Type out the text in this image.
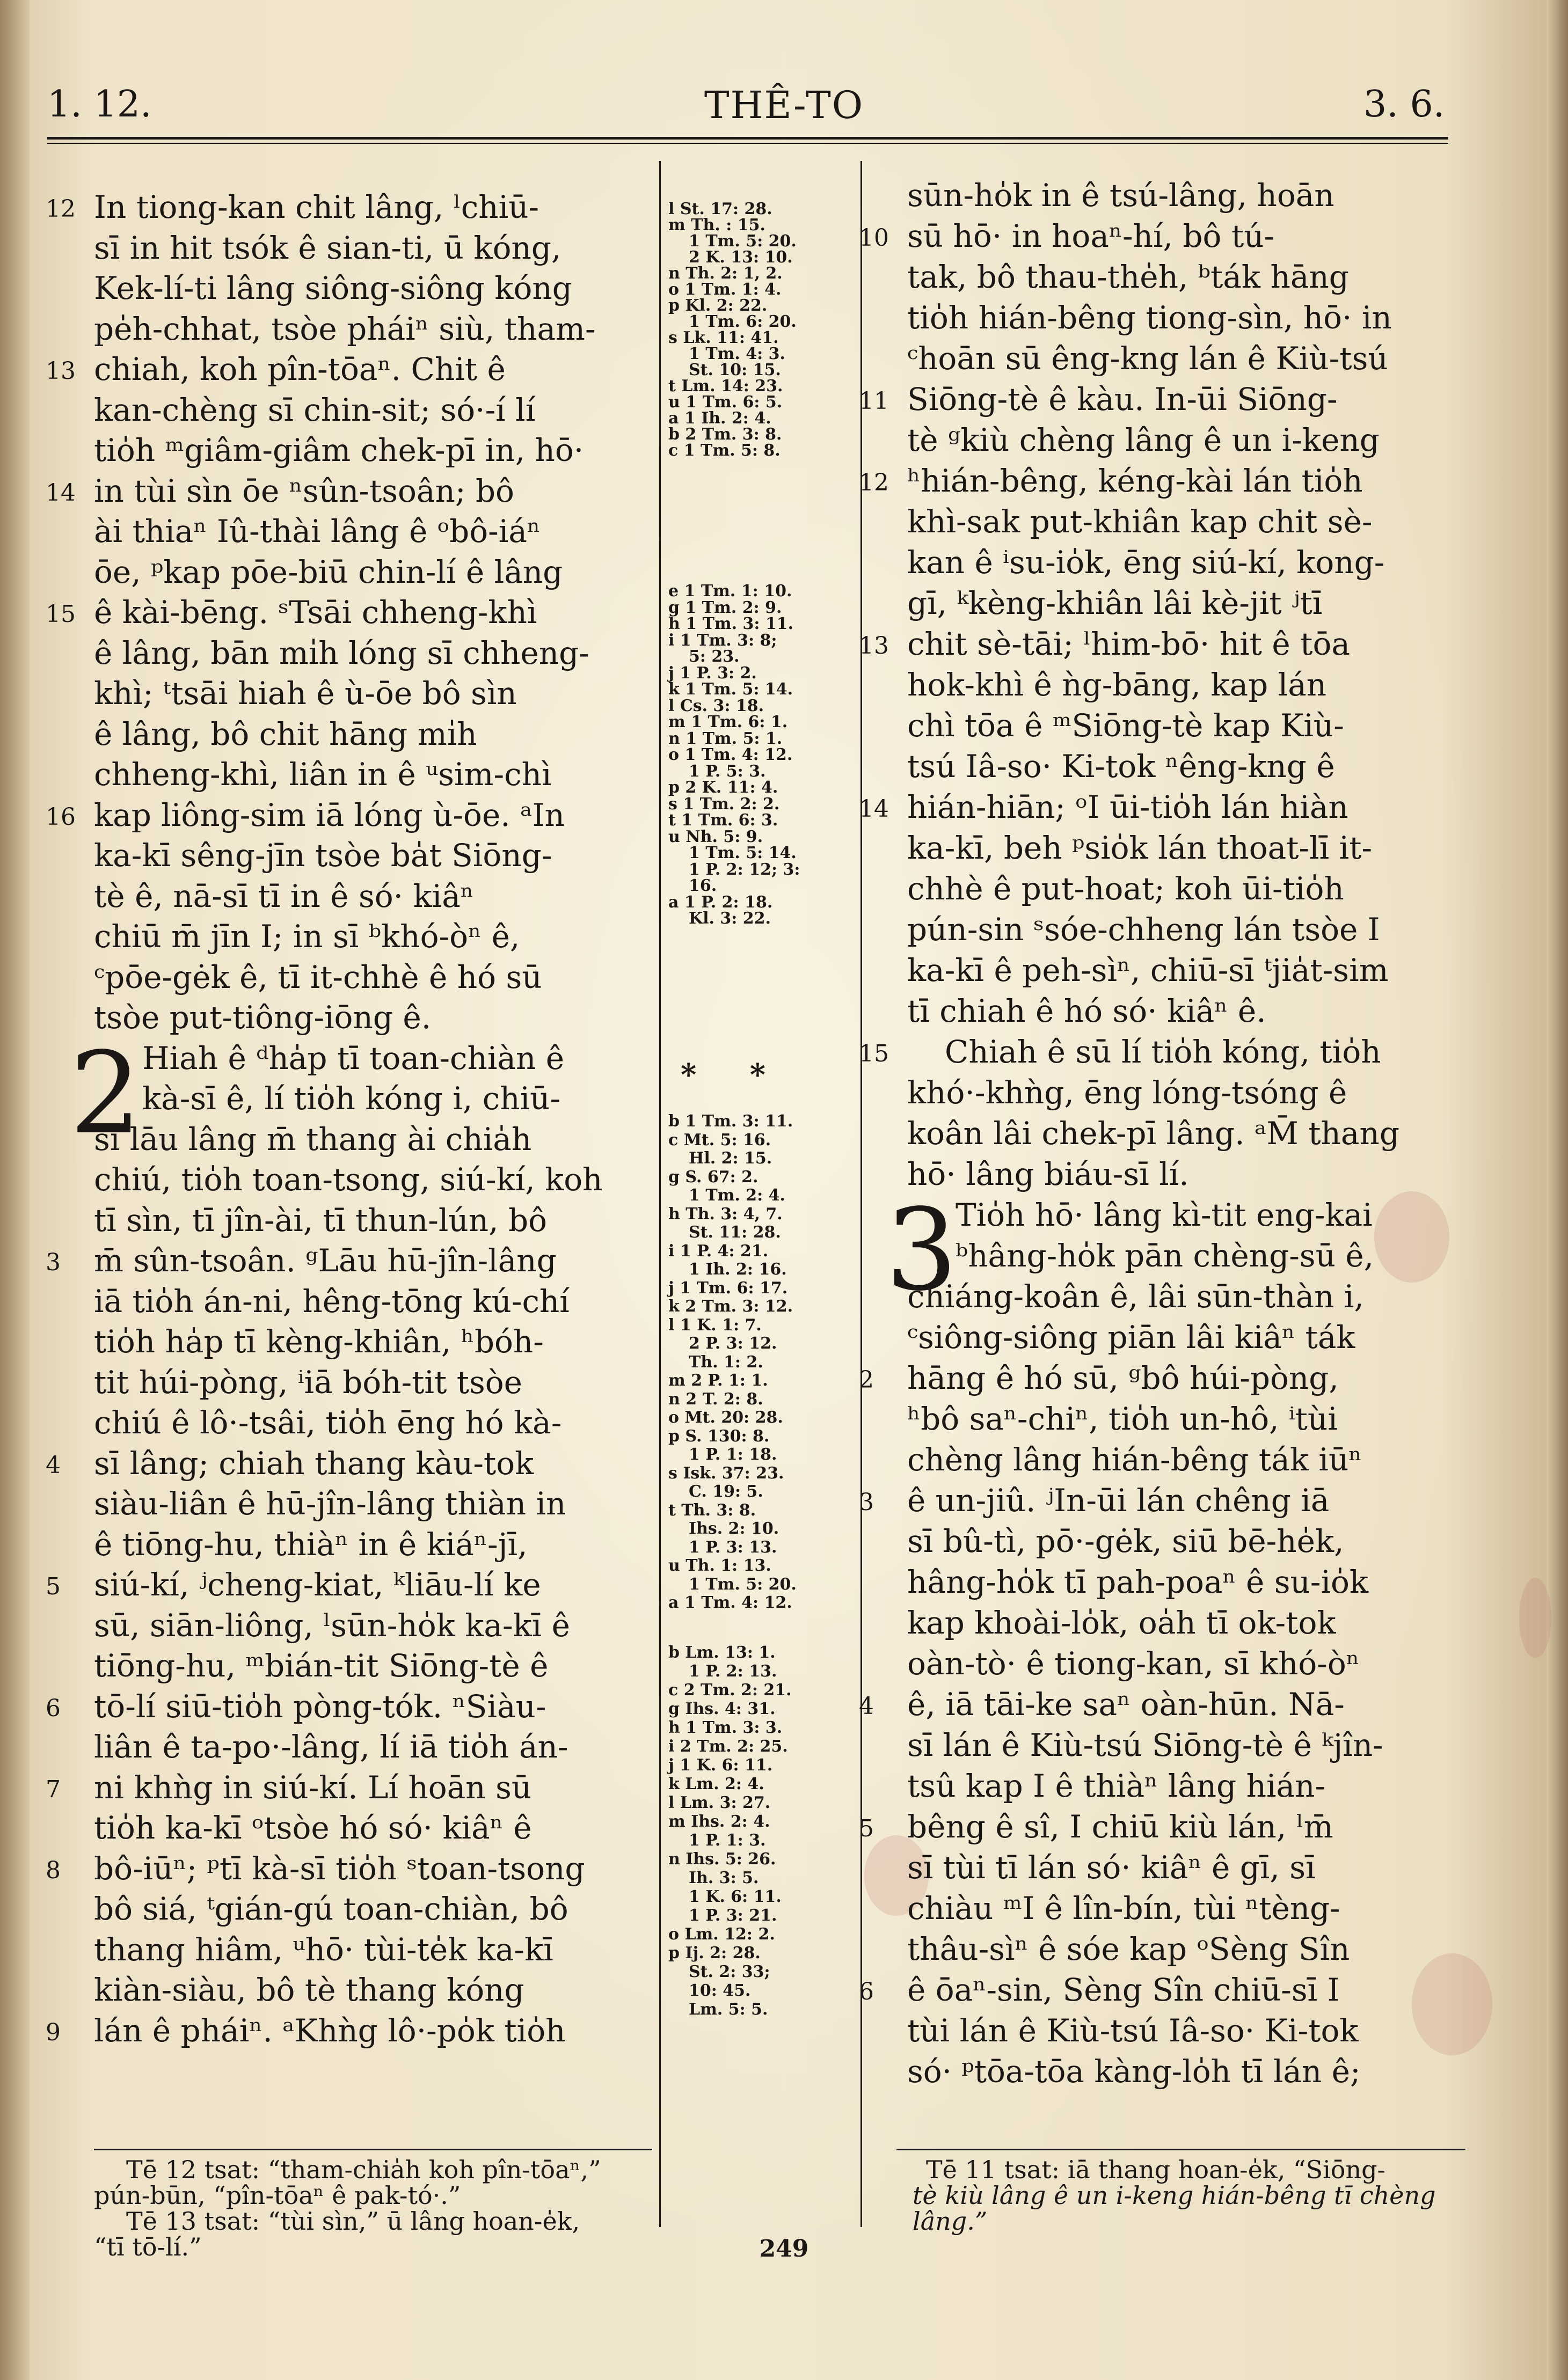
1. 12.	THÊ-TO	3. 6.
In tiong-kan chit lâng, ˡchiū-
sī in hit tsók ê sian-ti, ū kóng,
Kek-lí-ti lâng siông-siông kóng
pe̍h-chhat, tsòe pháiⁿ siù, tham-
chiah, koh pîn-tōaⁿ. Chit ê
kan-chèng sī chin-sit; só·-í lí
tio̍h ᵐgiâm-giâm chek-pī in, hō·
in tùi sìn ōe ⁿsûn-tsoân; bô
ài thiaⁿ Iû-thài lâng ê ᵒbô-iáⁿ
ōe, ᵖkap pōe-biū chin-lí ê lâng
ê kài-bēng. ˢTsāi chheng-khì
ê lâng, bān mi̍h lóng sī chheng-
khì; ᵗtsāi hiah ê ù-ōe bô sìn
ê lâng, bô chit hāng mi̍h
chheng-khì, liân in ê ᵘsim-chì
kap liông-sim iā lóng ù-ōe. ᵃIn
ka-kī sêng-jīn tsòe ba̍t Siōng-
tè ê, nā-sī tī in ê só· kiâⁿ
chiū m̄ jīn I; in sī ᵇkhó-òⁿ ê,
ᶜpōe-gėk ê, tī it-chhè ê hó sū
tsòe put-tiông-iōng ê.
Hiah ê ᵈha̍p tī toan-chiàn ê
kà-sī ê, lí tio̍h kóng i, chiū-
sī lāu lâng m̄ thang ài chia̍h
chiú, tio̍h toan-tsong, siú-kí, koh
tī sìn, tī jîn-ài, tī thun-lún, bô
m̄ sûn-tsoân. ᵍLāu hū-jîn-lâng
iā tio̍h án-ni, hêng-tōng kú-chí
tio̍h ha̍p tī kèng-khiân, ʰbóh-
tit húi-pòng, ⁱiā bóh-tit tsòe
chiú ê lô·-tsâi, tio̍h ēng hó kà-
sī lâng; chiah thang kàu-tok
siàu-liân ê hū-jîn-lâng thiàn in
ê tiōng-hu, thiàⁿ in ê kiáⁿ-jī,
siú-kí, ʲcheng-kiat, ᵏliāu-lí ke
sū, siān-liông, ˡsūn-ho̍k ka-kī ê
tiōng-hu, ᵐbián-tit Siōng-tè ê
tō-lí siū-tio̍h pòng-tók. ⁿSiàu-
liân ê ta-po·-lâng, lí iā tio̍h án-
ni khǹg in siú-kí. Lí hoān sū
tio̍h ka-kī ᵒtsòe hó só· kiâⁿ ê
bô-iūⁿ; ᵖtī kà-sī tio̍h ˢtoan-tsong
bô siá, ᵗgián-gú toan-chiàn, bô
thang hiâm, ᵘhō· tùi-te̍k ka-kī
kiàn-siàu, bô tè thang kóng
lán ê pháiⁿ. ᵃKhǹg lô·-po̍k tio̍h
12
13
14
15
16
3
4
5
6
7
8
9
2
l St. 17: 28.
m Th. : 15.
1 Tm. 5: 20.
2 K. 13: 10.
n Th. 2: 1, 2.
o 1 Tm. 1: 4.
p Kl. 2: 22.
1 Tm. 6: 20.
s Lk. 11: 41.
1 Tm. 4: 3.
St. 10: 15.
t Lm. 14: 23.
u 1 Tm. 6: 5.
a 1 Ih. 2: 4.
b 2 Tm. 3: 8.
c 1 Tm. 5: 8.
e 1 Tm. 1: 10.
g 1 Tm. 2: 9.
h 1 Tm. 3: 11.
i 1 Tm. 3: 8;
5: 23.
j 1 P. 3: 2.
k 1 Tm. 5: 14.
l Cs. 3: 18.
m 1 Tm. 6: 1.
n 1 Tm. 5: 1.
o 1 Tm. 4: 12.
1 P. 5: 3.
p 2 K. 11: 4.
s 1 Tm. 2: 2.
t 1 Tm. 6: 3.
u Nh. 5: 9.
1 Tm. 5: 14.
1 P. 2: 12; 3:
16.
a 1 P. 2: 18.
Kl. 3: 22.
b 1 Tm. 3: 11.
c Mt. 5: 16.
Hl. 2: 15.
g S. 67: 2.
1 Tm. 2: 4.
h Th. 3: 4, 7.
St. 11: 28.
i 1 P. 4: 21.
1 Ih. 2: 16.
j 1 Tm. 6: 17.
k 2 Tm. 3: 12.
l 1 K. 1: 7.
2 P. 3: 12.
Th. 1: 2.
m 2 P. 1: 1.
n 2 T. 2: 8.
o Mt. 20: 28.
p S. 130: 8.
1 P. 1: 18.
s Isk. 37: 23.
C. 19: 5.
t Th. 3: 8.
Ihs. 2: 10.
1 P. 3: 13.
u Th. 1: 13.
1 Tm. 5: 20.
a 1 Tm. 4: 12.
b Lm. 13: 1.
1 P. 2: 13.
c 2 Tm. 2: 21.
g Ihs. 4: 31.
h 1 Tm. 3: 3.
i 2 Tm. 2: 25.
j 1 K. 6: 11.
k Lm. 2: 4.
l Lm. 3: 27.
m Ihs. 2: 4.
1 P. 1: 3.
n Ihs. 5: 26.
Ih. 3: 5.
1 K. 6: 11.
1 P. 3: 21.
o Lm. 12: 2.
p Ij. 2: 28.
St. 2: 33;
10: 45.
Lm. 5: 5.
sūn-ho̍k in ê tsú-lâng, hoān
sū hō· in hoaⁿ-hí, bô tú-
tak, bô thau-the̍h, ᵇták hāng
tio̍h hián-bêng tiong-sìn, hō· in
ᶜhoān sū êng-kng lán ê Kiù-tsú
Siōng-tè ê kàu. In-ūi Siōng-
tè ᵍkiù chèng lâng ê un i-keng
ʰhián-bêng, kéng-kài lán tio̍h
khì-sak put-khiân kap chit sè-
kan ê ⁱsu-io̍k, ēng siú-kí, kong-
gī, ᵏkèng-khiân lâi kè-jit ʲtī
chit sè-tāi; ˡhim-bō· hit ê tōa
hok-khì ê ǹg-bāng, kap lán
chì tōa ê ᵐSiōng-tè kap Kiù-
tsú Iâ-so· Ki-tok ⁿêng-kng ê
hián-hiān; ᵒI ūi-tio̍h lán hiàn
ka-kī, beh ᵖsio̍k lán thoat-lī it-
chhè ê put-hoat; koh ūi-tio̍h
pún-sin ˢsóe-chheng lán tsòe I
ka-kī ê peh-sìⁿ, chiū-sī ᵗjia̍t-sim
tī chiah ê hó só· kiâⁿ ê.
Chiah ê sū lí tio̍h kóng, tio̍h
khó·-khǹg, ēng lóng-tsóng ê
koân lâi chek-pī lâng. ᵃM̄ thang
hō· lâng biáu-sī lí.
Tio̍h hō· lâng kì-tit eng-kai
ᵇhâng-ho̍k pān chèng-sū ê,
chiáng-koân ê, lâi sūn-thàn i,
ᶜsiông-siông piān lâi kiâⁿ ták
hāng ê hó sū, ᵍbô húi-pòng,
ʰbô saⁿ-chiⁿ, tio̍h un-hô, ⁱtùi
chèng lâng hián-bêng ták iūⁿ
ê un-jiû. ʲIn-ūi lán chêng iā
sī bû-tì, pō·-gėk, siū bē-he̍k,
hâng-ho̍k tī pah-poaⁿ ê su-io̍k
kap khoài-lo̍k, oa̍h tī ok-tok
oàn-tò· ê tiong-kan, sī khó-òⁿ
ê, iā tāi-ke saⁿ oàn-hūn. Nā-
sī lán ê Kiù-tsú Siōng-tè ê ᵏjîn-
tsû kap I ê thiàⁿ lâng hián-
bêng ê sî, I chiū kiù lán, ˡm̄
sī tùi tī lán só· kiâⁿ ê gī, sī
chiàu ᵐI ê lîn-bín, tùi ⁿtèng-
thâu-sìⁿ ê sóe kap ᵒSèng Sîn
ê ōaⁿ-sin, Sèng Sîn chiū-sī I
tùi lán ê Kiù-tsú Iâ-so· Ki-tok
só· ᵖtōa-tōa kàng-lo̍h tī lán ê;
10
11
12
13
14
15
2
3
4
5
6
3
* *
Tē 12 tsat: “tham-chia̍h koh pîn-tōaⁿ,”
pún-būn, “pîn-tōaⁿ ê pak-tó·.”
Tē 13 tsat: “tùi sìn,” ū lâng hoan-e̍k,
“tī tō-lí.”
Tē 11 tsat: iā thang hoan-e̍k, “Siōng-
tè kiù lâng ê un i-keng hián-bêng tī chèng
lâng.”
249
